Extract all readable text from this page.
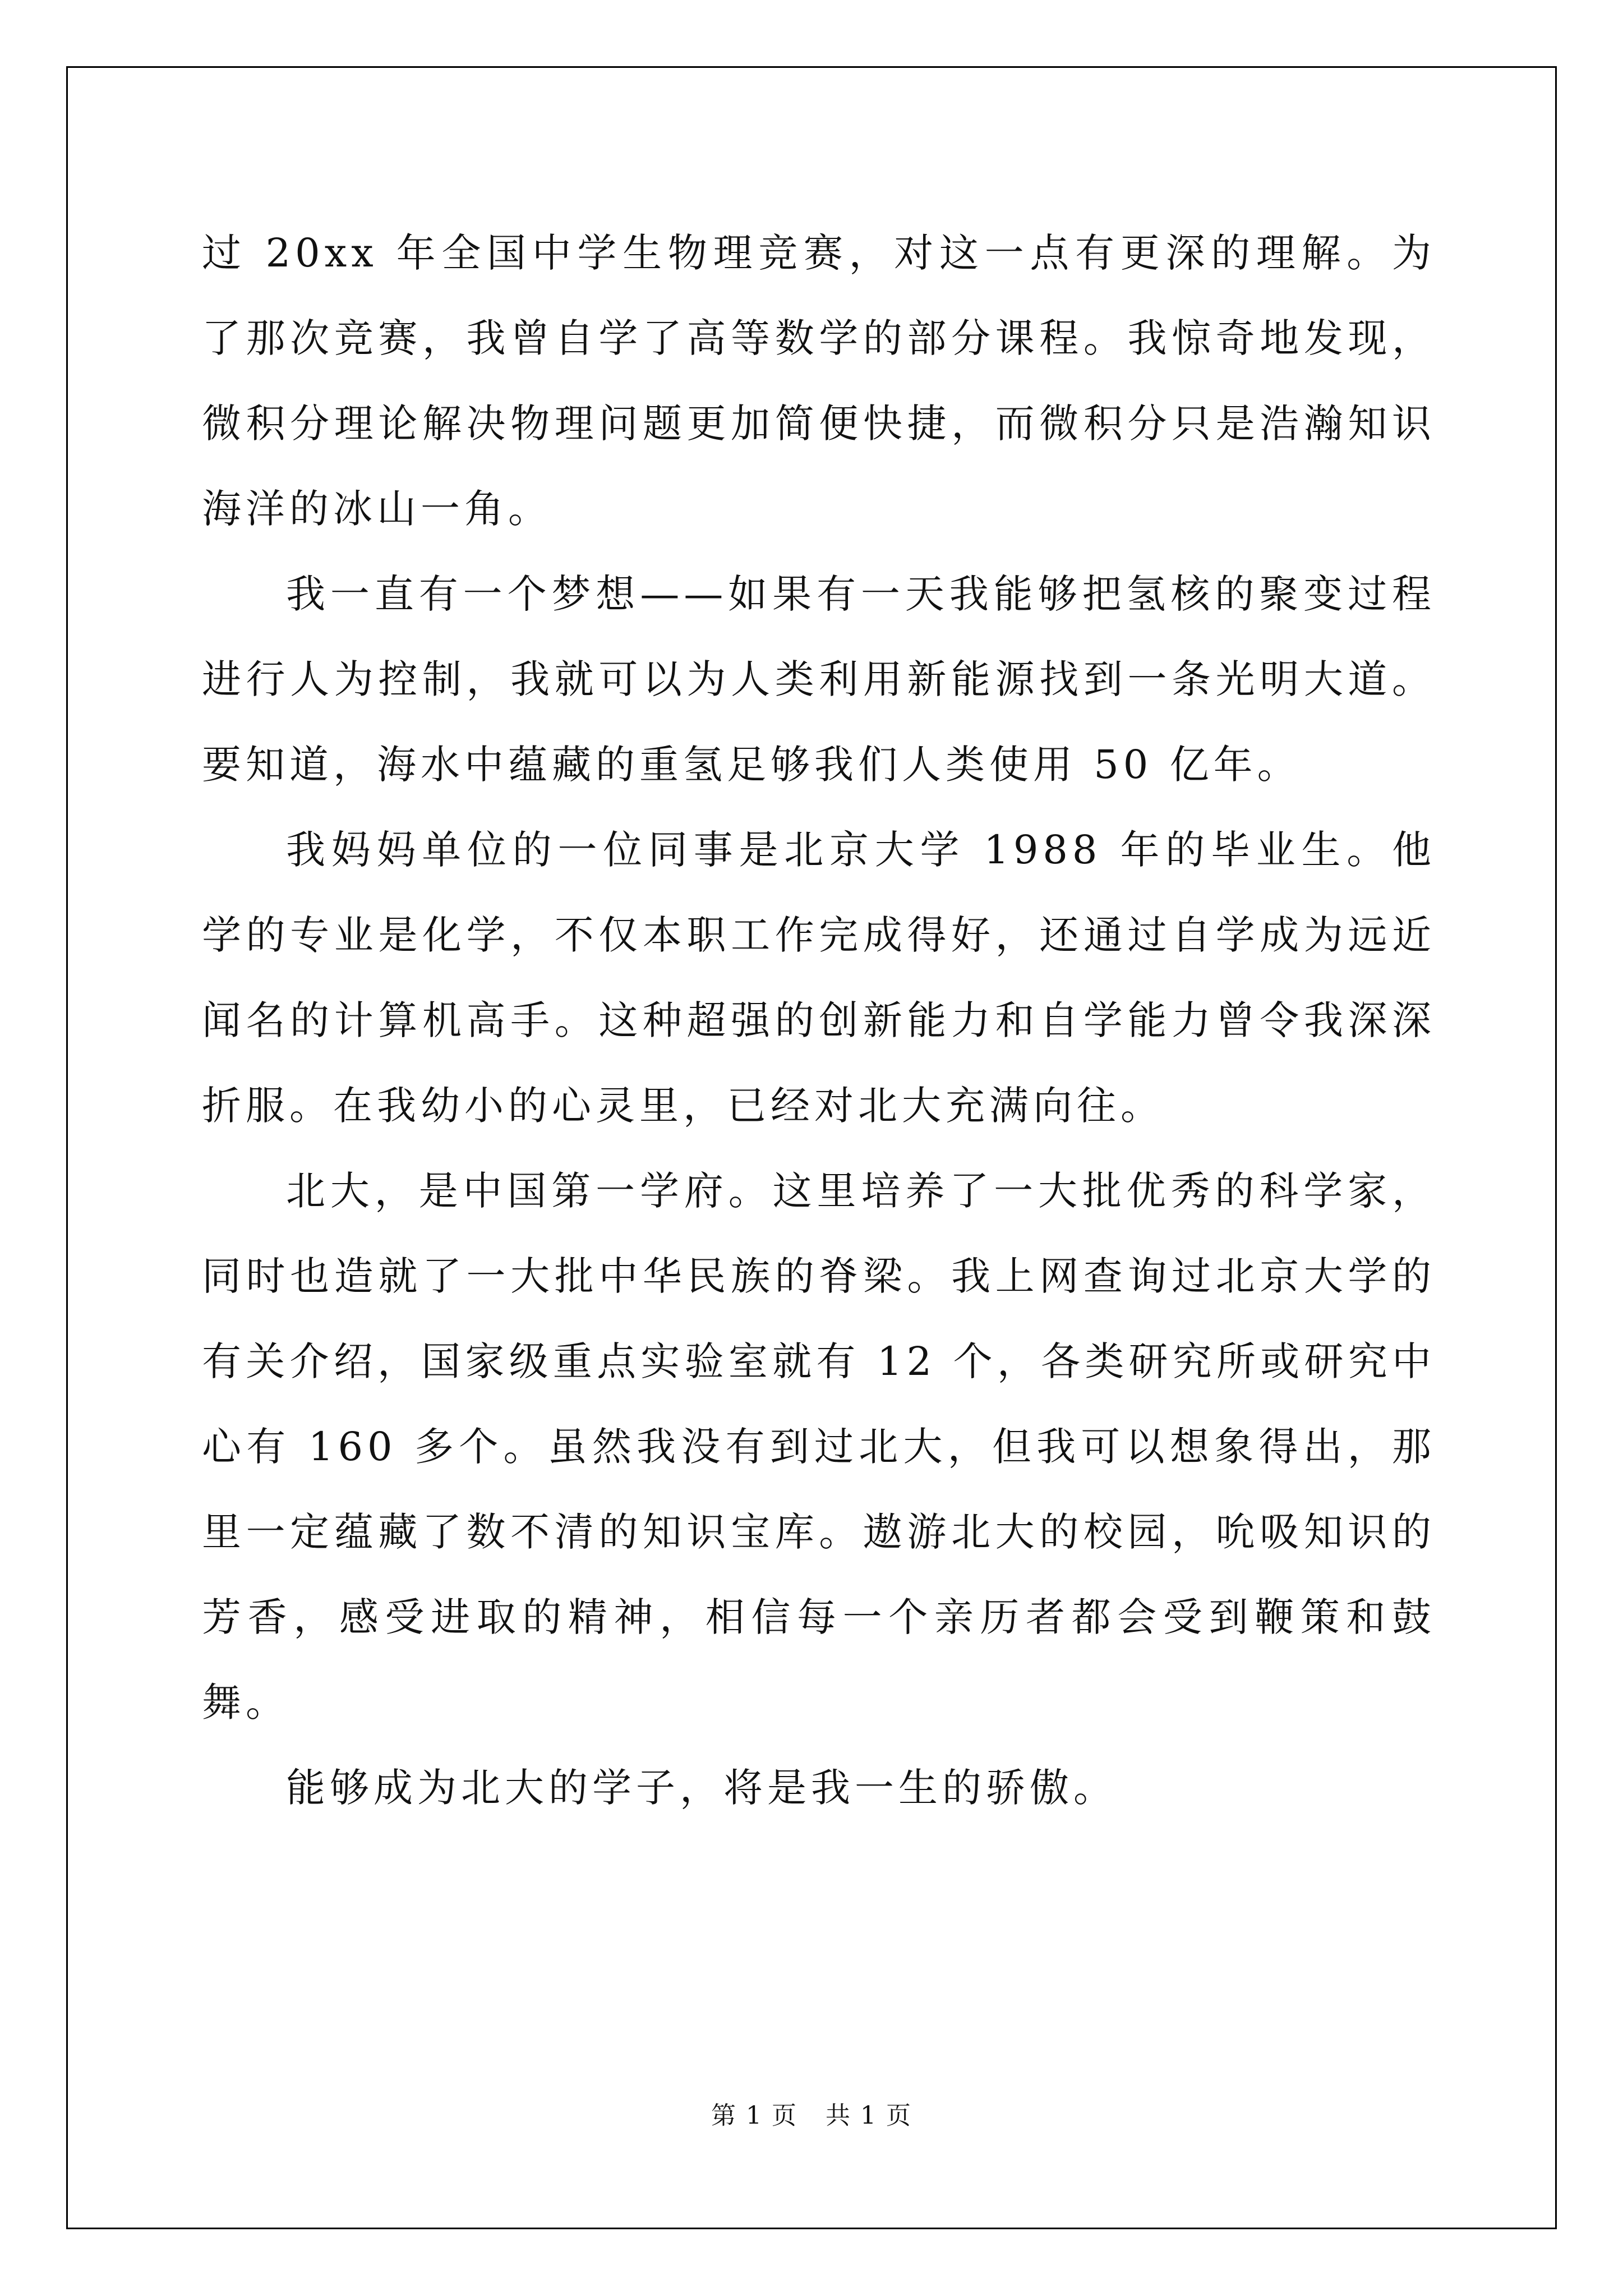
过 20xx 年全国中学生物理竞赛，对这一点有更深的理解。为了那次竞赛，我曾自学了高等数学的部分课程。我惊奇地发现，微积分理论解决物理问题更加简便快捷，而微积分只是浩瀚知识海洋的冰山一角。

我一直有一个梦想——如果有一天我能够把氢核的聚变过程进行人为控制，我就可以为人类利用新能源找到一条光明大道。要知道，海水中蕴藏的重氢足够我们人类使用 50 亿年。

我妈妈单位的一位同事是北京大学 1988 年的毕业生。他学的专业是化学，不仅本职工作完成得好，还通过自学成为远近闻名的计算机高手。这种超强的创新能力和自学能力曾令我深深折服。在我幼小的心灵里，已经对北大充满向往。

北大，是中国第一学府。这里培养了一大批优秀的科学家，同时也造就了一大批中华民族的脊梁。我上网查询过北京大学的有关介绍，国家级重点实验室就有 12 个，各类研究所或研究中心有 160 多个。虽然我没有到过北大，但我可以想象得出，那里一定蕴藏了数不清的知识宝库。遨游北大的校园，吮吸知识的芳香，感受进取的精神，相信每一个亲历者都会受到鞭策和鼓舞。

能够成为北大的学子，将是我一生的骄傲。

第 1 页 共 1 页
